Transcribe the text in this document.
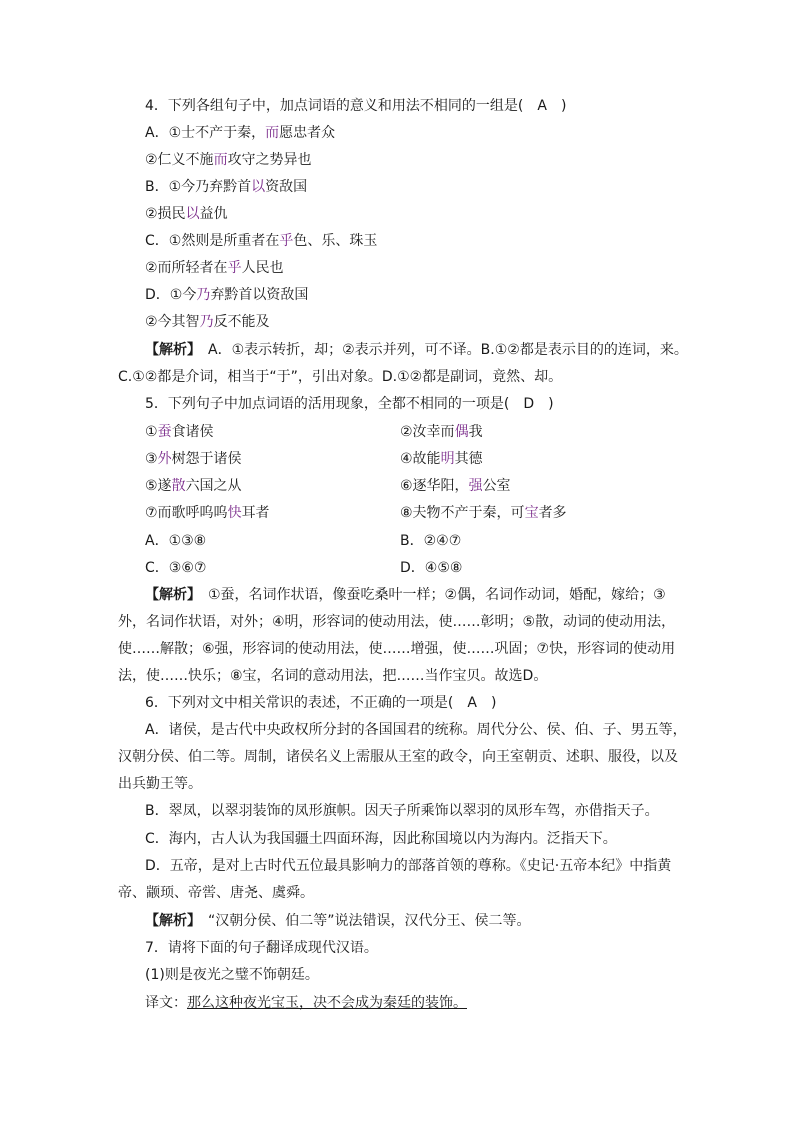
4．下列各组句子中，加点词语的意义和用法不相同的一组是(　A　)
A．①士不产于秦，而愿忠者众
②仁义不施而攻守之势异也
B．①今乃弃黔首以资敌国
②损民以益仇
C．①然则是所重者在乎色、乐、珠玉
②而所轻者在乎人民也
D．①今乃弃黔首以资敌国
②今其智乃反不能及
【解析】　A．①表示转折，却；②表示并列，可不译。B.①②都是表示目的的连词，来。
C.①②都是介词，相当于“于”，引出对象。D.①②都是副词，竟然、却。
5．下列句子中加点词语的活用现象，全都不相同的一项是(　D　)
①蚕食诸侯	②汝幸而偶我
③外树怨于诸侯	④故能明其德
⑤遂散六国之从	⑥逐华阳，强公室
⑦而歌呼呜呜快耳者	⑧夫物不产于秦，可宝者多
A．①③⑧	B．②④⑦
C．③⑥⑦	D．④⑤⑧
【解析】　①蚕，名词作状语，像蚕吃桑叶一样；②偶，名词作动词，婚配，嫁给；③
外，名词作状语，对外；④明，形容词的使动用法，使……彰明；⑤散，动词的使动用法，
使……解散；⑥强，形容词的使动用法，使……增强，使……巩固；⑦快，形容词的使动用
法，使……快乐；⑧宝，名词的意动用法，把……当作宝贝。故选D。
6．下列对文中相关常识的表述，不正确的一项是(　A　)
A．诸侯，是古代中央政权所分封的各国国君的统称。周代分公、侯、伯、子、男五等，
汉朝分侯、伯二等。周制，诸侯名义上需服从王室的政令，向王室朝贡、述职、服役，以及
出兵勤王等。
B．翠凤，以翠羽装饰的凤形旗帜。因天子所乘饰以翠羽的凤形车驾，亦借指天子。
C．海内，古人认为我国疆土四面环海，因此称国境以内为海内。泛指天下。
D．五帝，是对上古时代五位最具影响力的部落首领的尊称。《史记·五帝本纪》中指黄
帝、颛顼、帝喾、唐尧、虞舜。
【解析】　“汉朝分侯、伯二等”说法错误，汉代分王、侯二等。
7．请将下面的句子翻译成现代汉语。
(1)则是夜光之璧不饰朝廷。
译文：那么这种夜光宝玉，决不会成为秦廷的装饰。
